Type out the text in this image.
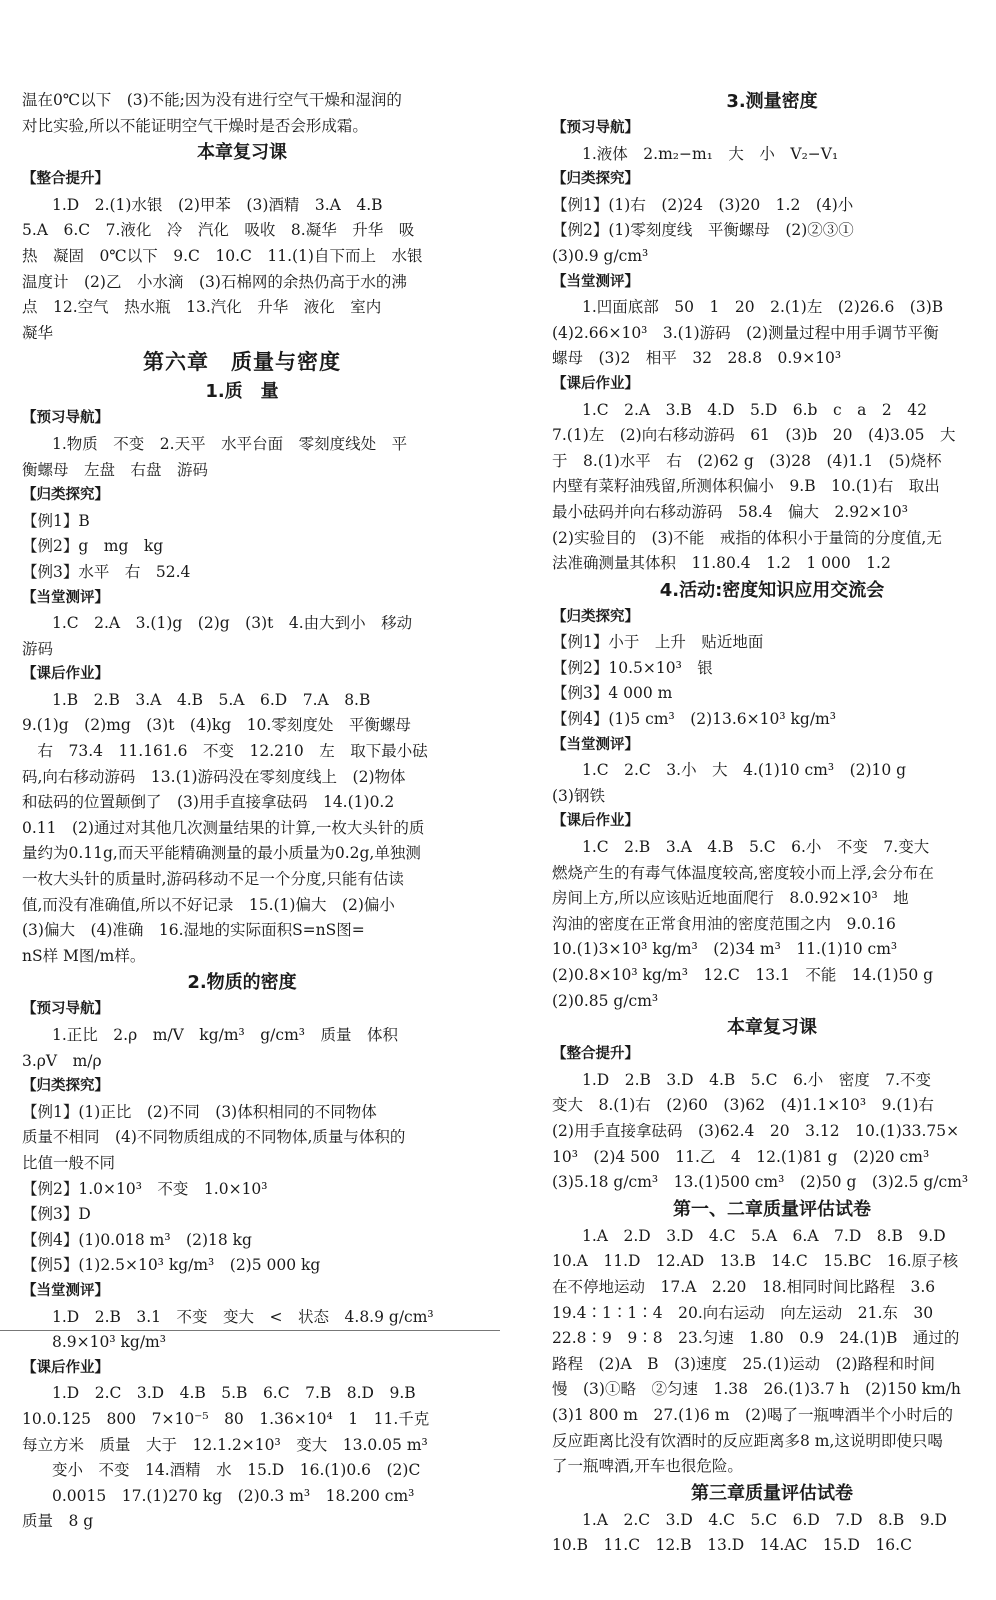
温在0℃以下　(3)不能;因为没有进行空气干燥和湿润的
对比实验,所以不能证明空气干燥时是否会形成霜。
本章复习课
【整合提升】
1.D　2.(1)水银　(2)甲苯　(3)酒精　3.A　4.B
5.A　6.C　7.液化　冷　汽化　吸收　8.凝华　升华　吸
热　凝固　0℃以下　9.C　10.C　11.(1)自下而上　水银
温度计　(2)乙　小水滴　(3)石棉网的余热仍高于水的沸
点　12.空气　热水瓶　13.汽化　升华　液化　室内
凝华
第六章　质量与密度
1.质　量
【预习导航】
1.物质　不变　2.天平　水平台面　零刻度线处　平
衡螺母　左盘　右盘　游码
【归类探究】
【例1】B
【例2】g　mg　kg
【例3】水平　右　52.4
【当堂测评】
1.C　2.A　3.(1)g　(2)g　(3)t　4.由大到小　移动
游码
【课后作业】
1.B　2.B　3.A　4.B　5.A　6.D　7.A　8.B
9.(1)g　(2)mg　(3)t　(4)kg　10.零刻度处　平衡螺母
　右　73.4　11.161.6　不变　12.210　左　取下最小砝
码,向右移动游码　13.(1)游码没在零刻度线上　(2)物体
和砝码的位置颠倒了　(3)用手直接拿砝码　14.(1)0.2
0.11　(2)通过对其他几次测量结果的计算,一枚大头针的质
量约为0.11g,而天平能精确测量的最小质量为0.2g,单独测
一枚大头针的质量时,游码移动不足一个分度,只能有估读
值,而没有准确值,所以不好记录　15.(1)偏大　(2)偏小
(3)偏大　(4)准确　16.湿地的实际面积S=nS图=
nS样 M图/m样。
2.物质的密度
【预习导航】
1.正比　2.ρ　m/V　kg/m³　g/cm³　质量　体积
3.ρV　m/ρ
【归类探究】
【例1】(1)正比　(2)不同　(3)体积相同的不同物体
质量不相同　(4)不同物质组成的不同物体,质量与体积的
比值一般不同
【例2】1.0×10³　不变　1.0×10³
【例3】D
【例4】(1)0.018 m³　(2)18 kg
【例5】(1)2.5×10³ kg/m³　(2)5 000 kg
【当堂测评】
1.D　2.B　3.1　不变　变大　<　状态　4.8.9 g/cm³
8.9×10³ kg/m³
【课后作业】
1.D　2.C　3.D　4.B　5.B　6.C　7.B　8.D　9.B
10.0.125　800　7×10⁻⁵　80　1.36×10⁴　1　11.千克
每立方米　质量　大于　12.1.2×10³　变大　13.0.05 m³
变小　不变　14.酒精　水　15.D　16.(1)0.6　(2)C
0.0015　17.(1)270 kg　(2)0.3 m³　18.200 cm³
质量　8 g
3.测量密度
【预习导航】
1.液体　2.m₂−m₁　大　小　V₂−V₁
【归类探究】
【例1】(1)右　(2)24　(3)20　1.2　(4)小
【例2】(1)零刻度线　平衡螺母　(2)②③①
(3)0.9 g/cm³
【当堂测评】
1.凹面底部　50　1　20　2.(1)左　(2)26.6　(3)B
(4)2.66×10³　3.(1)游码　(2)测量过程中用手调节平衡
螺母　(3)2　相平　32　28.8　0.9×10³
【课后作业】
1.C　2.A　3.B　4.D　5.D　6.b　c　a　2　42
7.(1)左　(2)向右移动游码　61　(3)b　20　(4)3.05　大
于　8.(1)水平　右　(2)62 g　(3)28　(4)1.1　(5)烧杯
内壁有菜籽油残留,所测体积偏小　9.B　10.(1)右　取出
最小砝码并向右移动游码　58.4　偏大　2.92×10³
(2)实验目的　(3)不能　戒指的体积小于量筒的分度值,无
法准确测量其体积　11.80.4　1.2　1 000　1.2
4.活动:密度知识应用交流会
【归类探究】
【例1】小于　上升　贴近地面
【例2】10.5×10³　银
【例3】4 000 m
【例4】(1)5 cm³　(2)13.6×10³ kg/m³
【当堂测评】
1.C　2.C　3.小　大　4.(1)10 cm³　(2)10 g
(3)钢铁
【课后作业】
1.C　2.B　3.A　4.B　5.C　6.小　不变　7.变大
燃烧产生的有毒气体温度较高,密度较小而上浮,会分布在
房间上方,所以应该贴近地面爬行　8.0.92×10³　地
沟油的密度在正常食用油的密度范围之内　9.0.16
10.(1)3×10³ kg/m³　(2)34 m³　11.(1)10 cm³
(2)0.8×10³ kg/m³　12.C　13.1　不能　14.(1)50 g
(2)0.85 g/cm³
本章复习课
【整合提升】
1.D　2.B　3.D　4.B　5.C　6.小　密度　7.不变
变大　8.(1)右　(2)60　(3)62　(4)1.1×10³　9.(1)右
(2)用手直接拿砝码　(3)62.4　20　3.12　10.(1)33.75×
10³　(2)4 500　11.乙　4　12.(1)81 g　(2)20 cm³
(3)5.18 g/cm³　13.(1)500 cm³　(2)50 g　(3)2.5 g/cm³
第一、二章质量评估试卷
1.A　2.D　3.D　4.C　5.A　6.A　7.D　8.B　9.D
10.A　11.D　12.AD　13.B　14.C　15.BC　16.原子核
在不停地运动　17.A　2.20　18.相同时间比路程　3.6
19.4∶1∶1∶4　20.向右运动　向左运动　21.东　30
22.8∶9　9∶8　23.匀速　1.80　0.9　24.(1)B　通过的
路程　(2)A　B　(3)速度　25.(1)运动　(2)路程和时间
慢　(3)①略　②匀速　1.38　26.(1)3.7 h　(2)150 km/h
(3)1 800 m　27.(1)6 m　(2)喝了一瓶啤酒半个小时后的
反应距离比没有饮酒时的反应距离多8 m,这说明即使只喝
了一瓶啤酒,开车也很危险。
第三章质量评估试卷
1.A　2.C　3.D　4.C　5.C　6.D　7.D　8.B　9.D
10.B　11.C　12.B　13.D　14.AC　15.D　16.C
